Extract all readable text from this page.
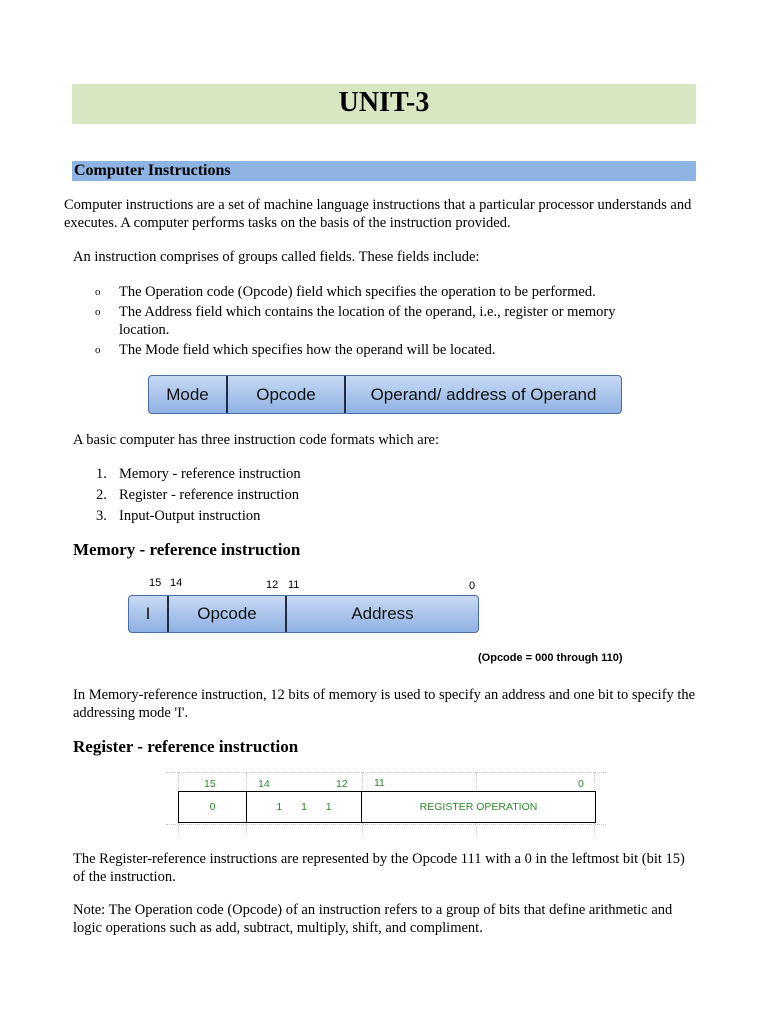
UNIT-3
Computer Instructions

Computer instructions are a set of machine language instructions that a particular processor understands and executes. A computer performs tasks on the basis of the instruction provided.

An instruction comprises of groups called fields. These fields include:

o The Operation code (Opcode) field which specifies the operation to be performed.
o The Address field which contains the location of the operand, i.e., register or memory location.
o The Mode field which specifies how the operand will be located.
Mode	Opcode	Operand/ address of Operand

A basic computer has three instruction code formats which are:

1. Memory - reference instruction
2. Register - reference instruction
3. Input-Output instruction
Memory - reference instruction
15 14	12 11	0
I	Opcode	Address
(Opcode = 000 through 110)

In Memory-reference instruction, 12 bits of memory is used to specify an address and one bit to specify the addressing mode 'I'.

Register - reference instruction
15	14	12	11	0
0	1 1 1	REGISTER OPERATION

The Register-reference instructions are represented by the Opcode 111 with a 0 in the leftmost bit (bit 15) of the instruction.

Note: The Operation code (Opcode) of an instruction refers to a group of bits that define arithmetic and logic operations such as add, subtract, multiply, shift, and compliment.
